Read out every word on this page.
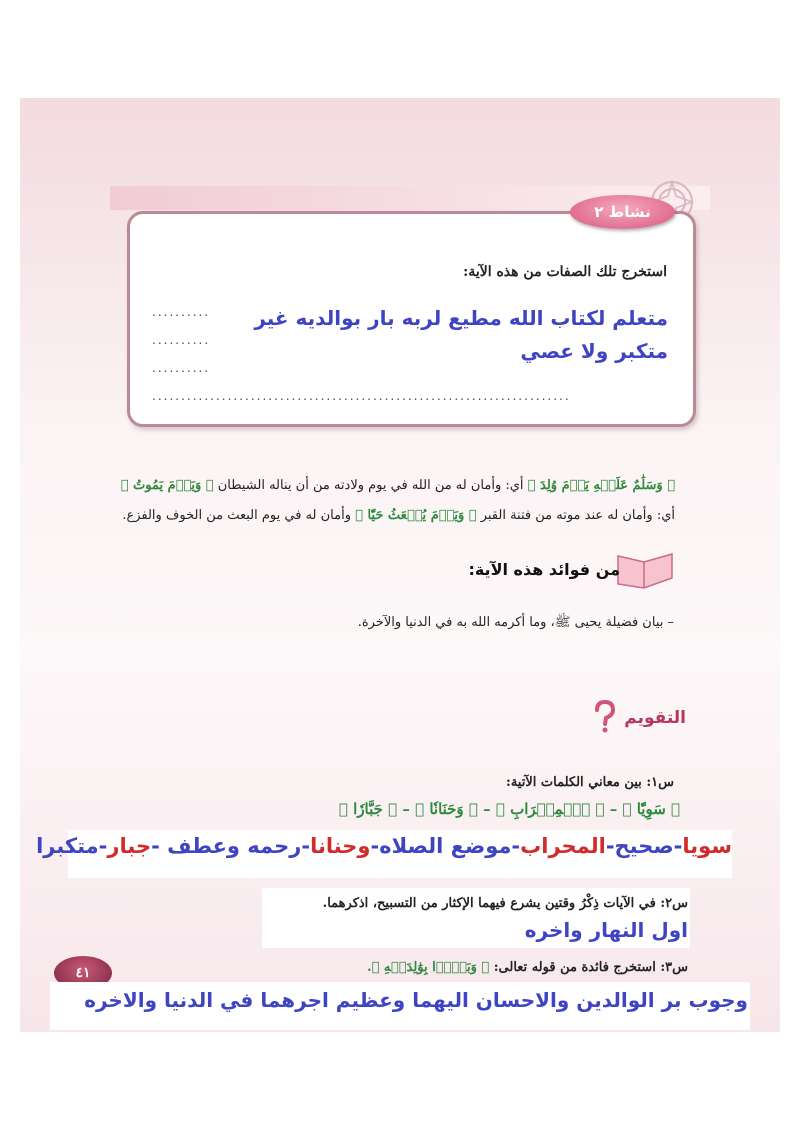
نشاط ٢
استخرج تلك الصفات من هذه الآية:
متعلم لكتاب الله مطيع لربه بار بوالديه غير
متكبر ولا عصي
..........
..........
..........
........................................................................
﴿ وَسَلَٰمٌ عَلَيۡهِ يَوۡمَ وُلِدَ ﴾ أي: وأمان له من الله في يوم ولادته من أن يناله الشيطان ﴿ وَيَوۡمَ يَمُوتُ ﴾
أي: وأمان له عند موته من فتنة القبر ﴿ وَيَوۡمَ يُبۡعَثُ حَيّٗا ﴾ وأمان له في يوم البعث من الخوف والفزع.
من فوائد هذه الآية:
– بيان فضيلة يحيى ﷺ، وما أكرمه الله به في الدنيا والآخرة.
التقويم
س١: بين معاني الكلمات الآتية:
﴿ سَوِيّٗا ﴾ – ﴿ ٱلۡمِحۡرَابِ ﴾ – ﴿ وَحَنَانٗا ﴾ – ﴿ جَبَّارٗا ﴾
سويا-صحيح-المحراب-موضع الصلاه-وحنانا-رحمه وعطف -جبار-متكبرا
س٢: في الآيات ذِكْرُ وقتين يشرع فيهما الإكثار من التسبيح، اذكرهما.
اول النهار واخره
س٣: استخرج فائدة من قوله تعالى: ﴿ وَبَرَّۢا بِوَٰلِدَيۡهِ ﴾.
٤١
وجوب بر الوالدين والاحسان اليهما وعظيم اجرهما في الدنيا والاخره
